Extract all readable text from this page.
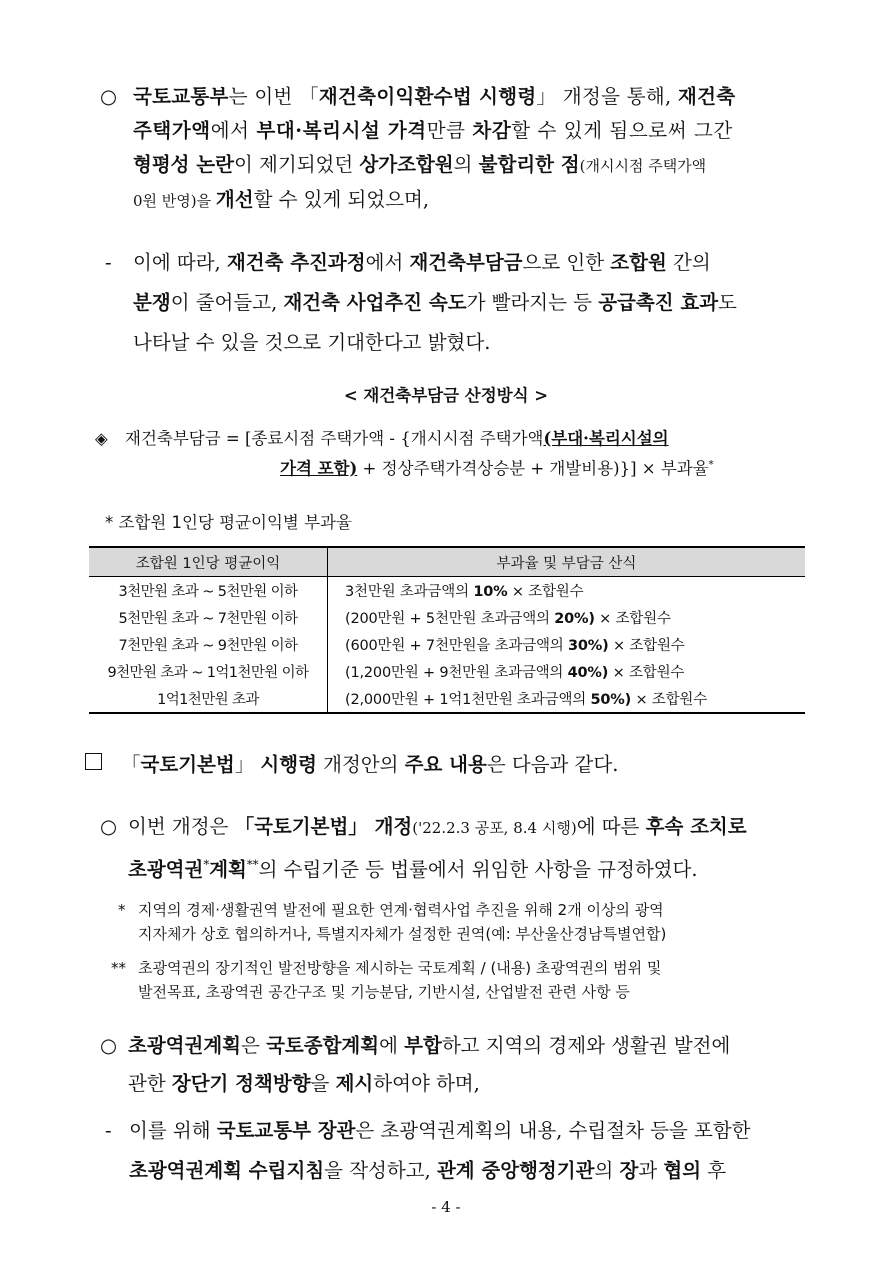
○ 국토교통부는 이번 「재건축이익환수법 시행령」 개정을 통해, 재건축
주택가액에서 부대·복리시설 가격만큼 차감할 수 있게 됨으로써 그간
형평성 논란이 제기되었던 상가조합원의 불합리한 점(개시시점 주택가액
0원 반영)을 개선할 수 있게 되었으며,
- 이에 따라, 재건축 추진과정에서 재건축부담금으로 인한 조합원 간의
분쟁이 줄어들고, 재건축 사업추진 속도가 빨라지는 등 공급촉진 효과도
나타날 수 있을 것으로 기대한다고 밝혔다.
< 재건축부담금 산정방식 >
◈ 재건축부담금 = [종료시점 주택가액 - {개시시점 주택가액(부대·복리시설의
가격 포함) + 정상주택가격상승분 + 개발비용)}] × 부과율*
* 조합원 1인당 평균이익별 부과율
조합원 1인당 평균이익	부과율 및 부담금 산식
3천만원 초과 ~ 5천만원 이하	3천만원 초과금액의 10% × 조합원수
5천만원 초과 ~ 7천만원 이하	(200만원 + 5천만원 초과금액의 20%) × 조합원수
7천만원 초과 ~ 9천만원 이하	(600만원 + 7천만원을 초과금액의 30%) × 조합원수
9천만원 초과 ~ 1억1천만원 이하	(1,200만원 + 9천만원 초과금액의 40%) × 조합원수
1억1천만원 초과	(2,000만원 + 1억1천만원 초과금액의 50%) × 조합원수
「국토기본법」 시행령 개정안의 주요 내용은 다음과 같다.
○ 이번 개정은 「국토기본법」 개정('22.2.3 공포, 8.4 시행)에 따른 후속 조치로
초광역권*계획**의 수립기준 등 법률에서 위임한 사항을 규정하였다.
* 지역의 경제·생활권역 발전에 필요한 연계·협력사업 추진을 위해 2개 이상의 광역
지자체가 상호 협의하거나, 특별지자체가 설정한 권역(예: 부산울산경남특별연합)
** 초광역권의 장기적인 발전방향을 제시하는 국토계획 / (내용) 초광역권의 범위 및
발전목표, 초광역권 공간구조 및 기능분담, 기반시설, 산업발전 관련 사항 등
○ 초광역권계획은 국토종합계획에 부합하고 지역의 경제와 생활권 발전에
관한 장단기 정책방향을 제시하여야 하며,
- 이를 위해 국토교통부 장관은 초광역권계획의 내용, 수립절차 등을 포함한
초광역권계획 수립지침을 작성하고, 관계 중앙행정기관의 장과 협의 후
- 4 -
